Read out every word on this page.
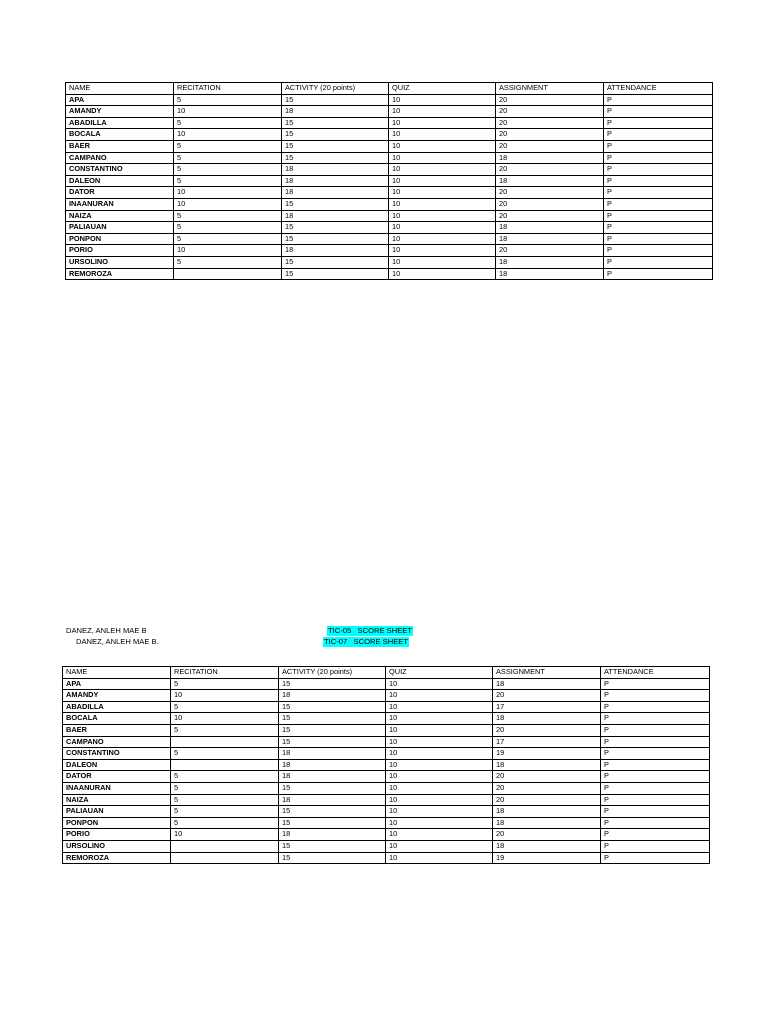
NAME	RECITATION	ACTIVITY (20 points)	QUIZ	ASSIGNMENT	ATTENDANCE
APA	5	15	10	20	P
AMANDY	10	18	10	20	P
ABADILLA	5	15	10	20	P
BOCALA	10	15	10	20	P
BAER	5	15	10	20	P
CAMPANO	5	15	10	18	P
CONSTANTINO	5	18	10	20	P
DALEON	5	18	10	18	P
DATOR	10	18	10	20	P
INAANURAN	10	15	10	20	P
NAIZA	5	18	10	20	P
PALIAUAN	5	15	10	18	P
PONPON	5	15	10	18	P
PORIO	10	18	10	20	P
URSOLINO	5	15	10	18	P
REMOROZA		15	10	18	P
DANEZ, ANLEH MAE B
DANEZ, ANLEH MAE B.
TIC-05   SCORE SHEET
TIC-07   SCORE SHEET
NAME	RECITATION	ACTIVITY (20 points)	QUIZ	ASSIGNMENT	ATTENDANCE
APA	5	15	10	18	P
AMANDY	10	18	10	20	P
ABADILLA	5	15	10	17	P
BOCALA	10	15	10	18	P
BAER	5	15	10	20	P
CAMPANO		15	10	17	P
CONSTANTINO	5	18	10	19	P
DALEON		18	10	18	P
DATOR	5	18	10	20	P
INAANURAN	5	15	10	20	P
NAIZA	5	18	10	20	P
PALIAUAN	5	15	10	18	P
PONPON	5	15	10	18	P
PORIO	10	18	10	20	P
URSOLINO		15	10	18	P
REMOROZA		15	10	19	P
